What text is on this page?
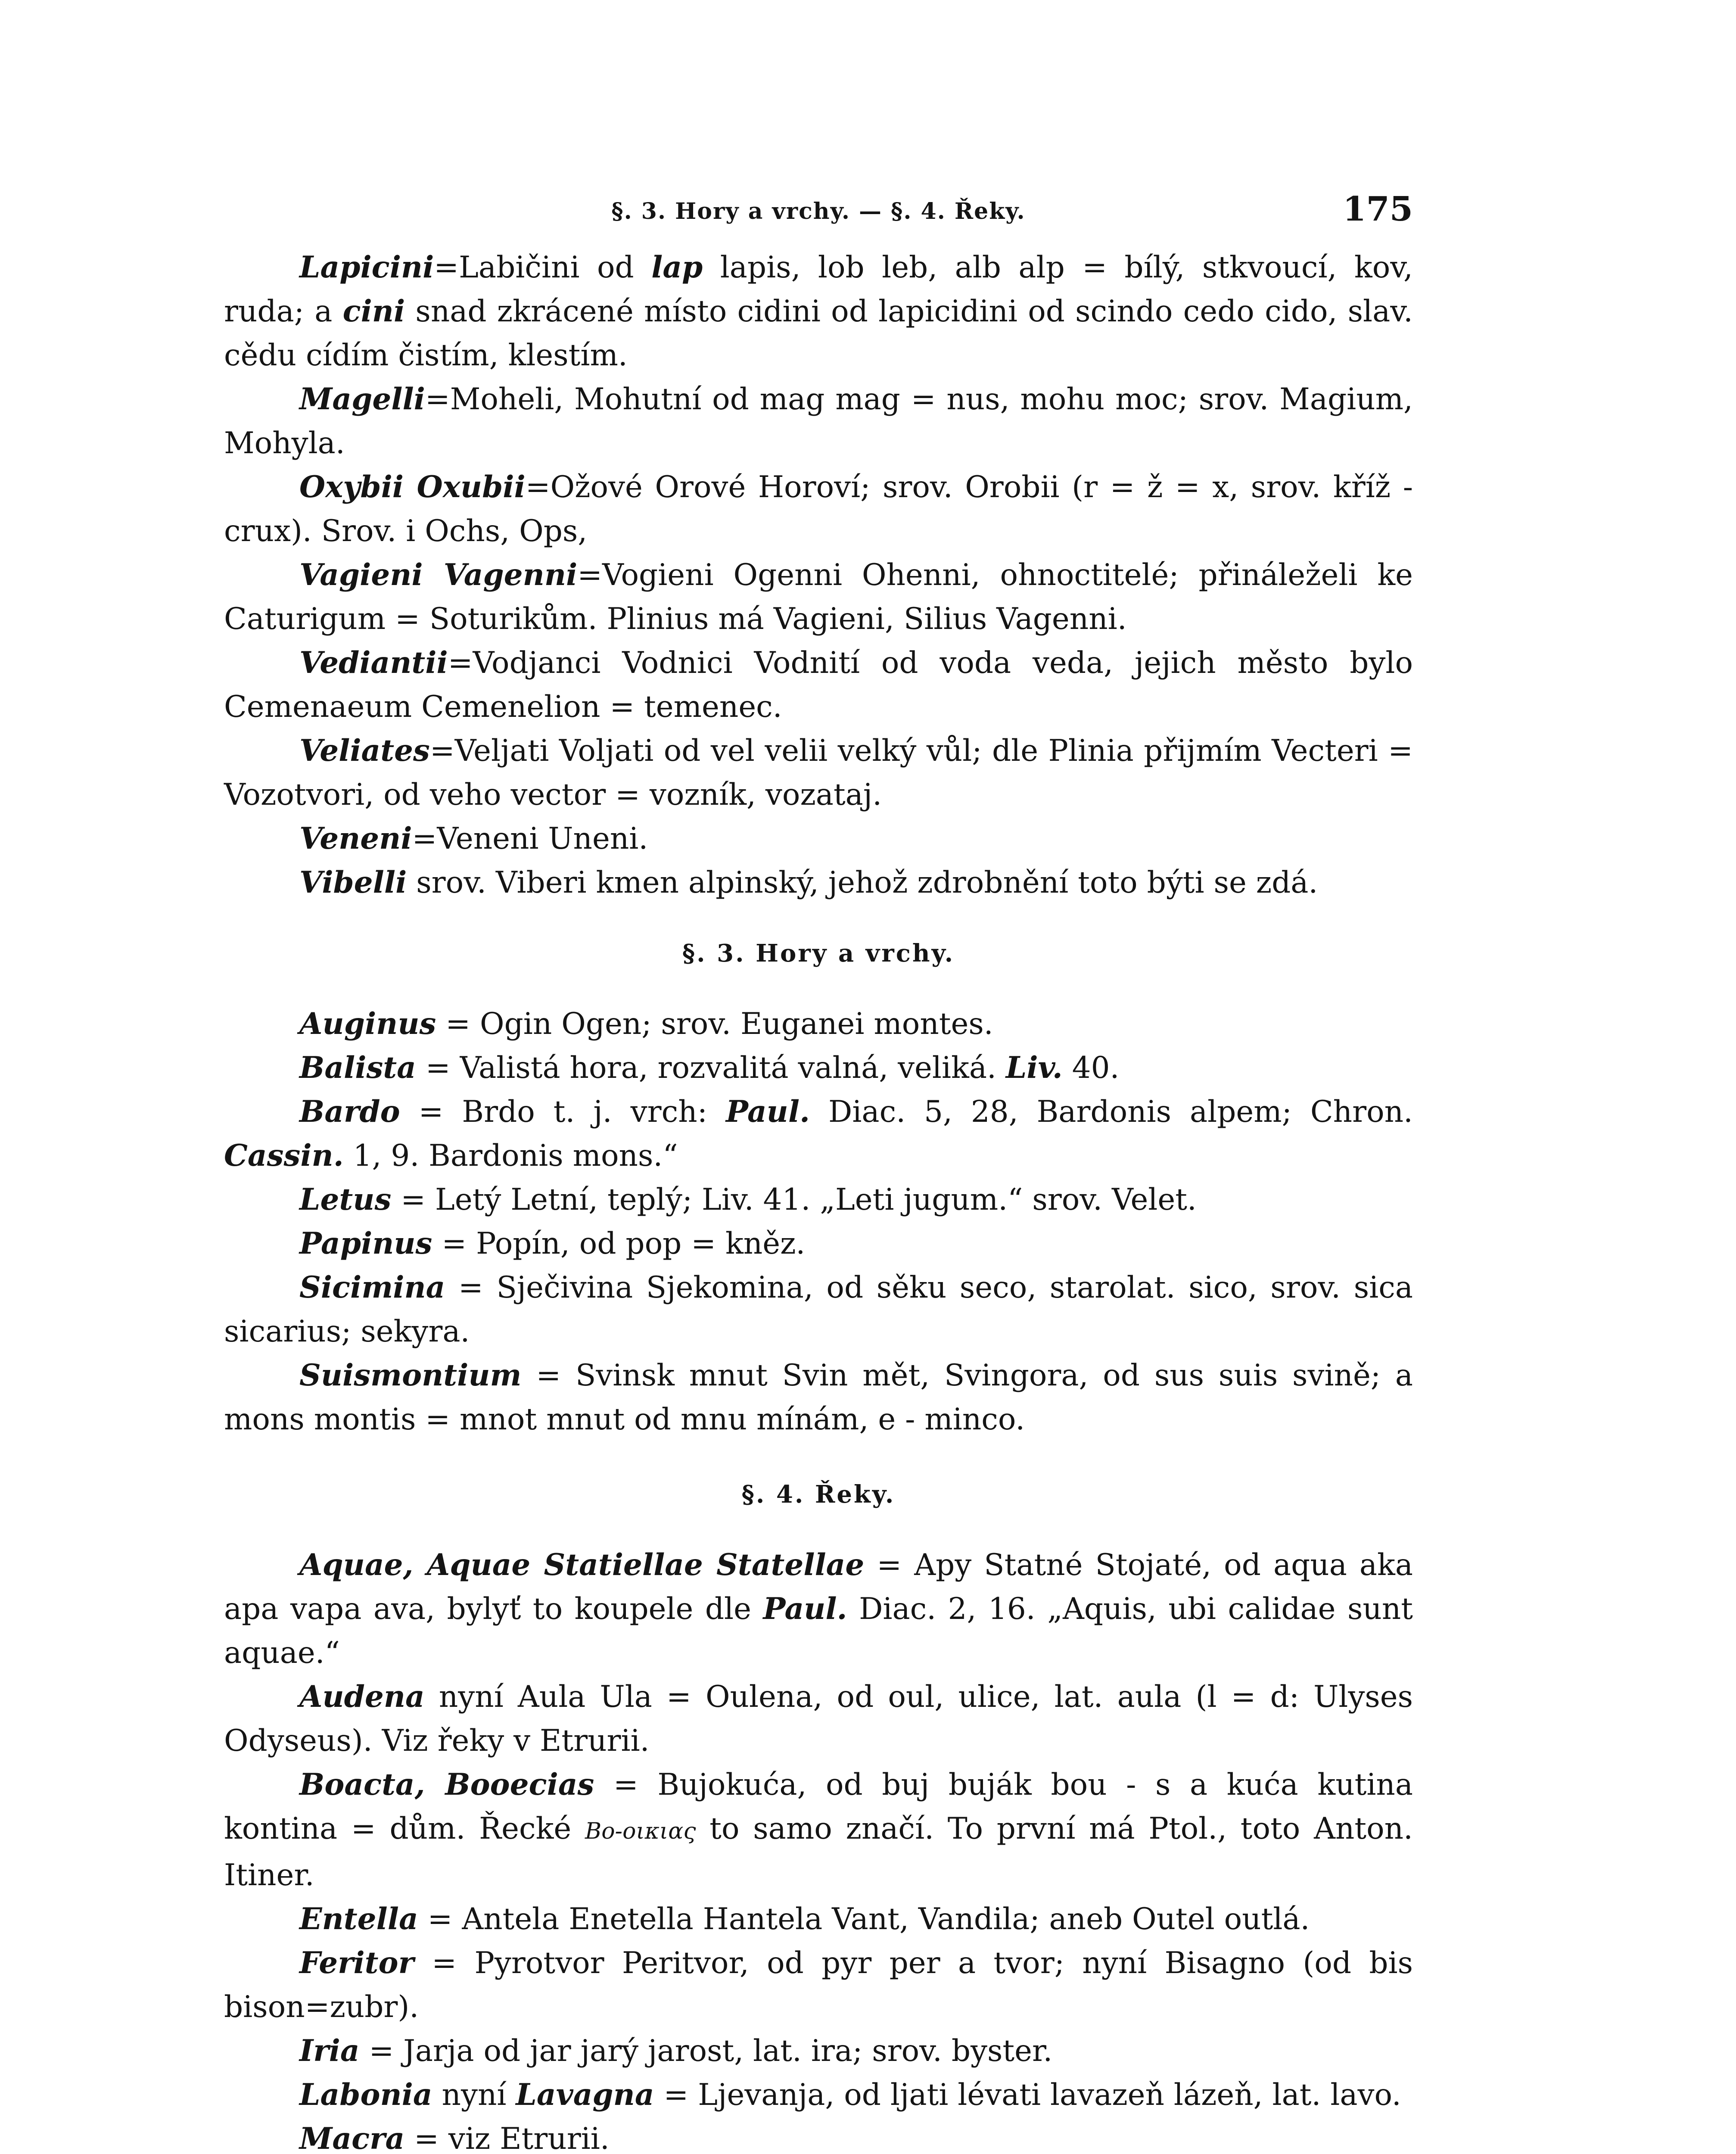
§. 3. Hory a vrchy. — §. 4. Řeky.	175

Lapicini=Labičini od lap lapis, lob leb, alb alp = bílý, stkvoucí, kov, ruda; a cini snad zkrácené místo cidini od lapicidini od scindo cedo cido, slav. cědu cídím čistím, klestím.

Magelli=Moheli, Mohutní od mag mag = nus, mohu moc; srov. Magium, Mohyla.

Oxybii Oxubii=Ožové Orové Horoví; srov. Orobii (r = ž = x, srov. kříž - crux). Srov. i Ochs, Ops,

Vagieni Vagenni=Vogieni Ogenni Ohenni, ohnoctitelé; přináleželi ke Caturigum = Soturikům. Plinius má Vagieni, Silius Vagenni.

Vediantii=Vodjanci Vodnici Vodnití od voda veda, jejich město bylo Cemenaeum Cemenelion = temenec.

Veliates=Veljati Voljati od vel velii velký vůl; dle Plinia přijmím Vecteri = Vozotvori, od veho vector = vozník, vozataj.

Veneni=Veneni Uneni.

Vibelli srov. Viberi kmen alpinský, jehož zdrobnění toto býti se zdá.

§. 3. Hory a vrchy.

Auginus = Ogin Ogen; srov. Euganei montes.

Balista = Valistá hora, rozvalitá valná, veliká. Liv. 40.

Bardo = Brdo t. j. vrch: Paul. Diac. 5, 28, Bardonis alpem; Chron. Cassin. 1, 9. Bardonis mons.“

Letus = Letý Letní, teplý; Liv. 41. „Leti jugum.“ srov. Velet.

Papinus = Popín, od pop = kněz.

Sicimina = Sječivina Sjekomina, od sěku seco, starolat. sico, srov. sica sicarius; sekyra.

Suismontium = Svinsk mnut Svin mět, Svingora, od sus suis svině; a mons montis = mnot mnut od mnu mínám, e - minco.

§. 4. Řeky.

Aquae, Aquae Statiellae Statellae = Apy Statné Stojaté, od aqua aka apa vapa ava, bylyť to koupele dle Paul. Diac. 2, 16. „Aquis, ubi calidae sunt aquae.“

Audena nyní Aula Ula = Oulena, od oul, ulice, lat. aula (l = d: Ulyses Odyseus). Viz řeky v Etrurii.

Boacta, Booecias = Bujokuća, od buj buják bou - s a kuća kutina kontina = dům. Řecké Βο-οικιας to samo značí. To první má Ptol., toto Anton. Itiner.

Entella = Antela Enetella Hantela Vant, Vandila; aneb Outel outlá.

Feritor = Pyrotvor Peritvor, od pyr per a tvor; nyní Bisagno (od bis bison=zubr).

Iria = Jarja od jar jarý jarost, lat. ira; srov. byster.

Labonia nyní Lavagna = Ljevanja, od ljati lévati lavazeň lázeň, lat. lavo.

Macra = viz Etrurii.
